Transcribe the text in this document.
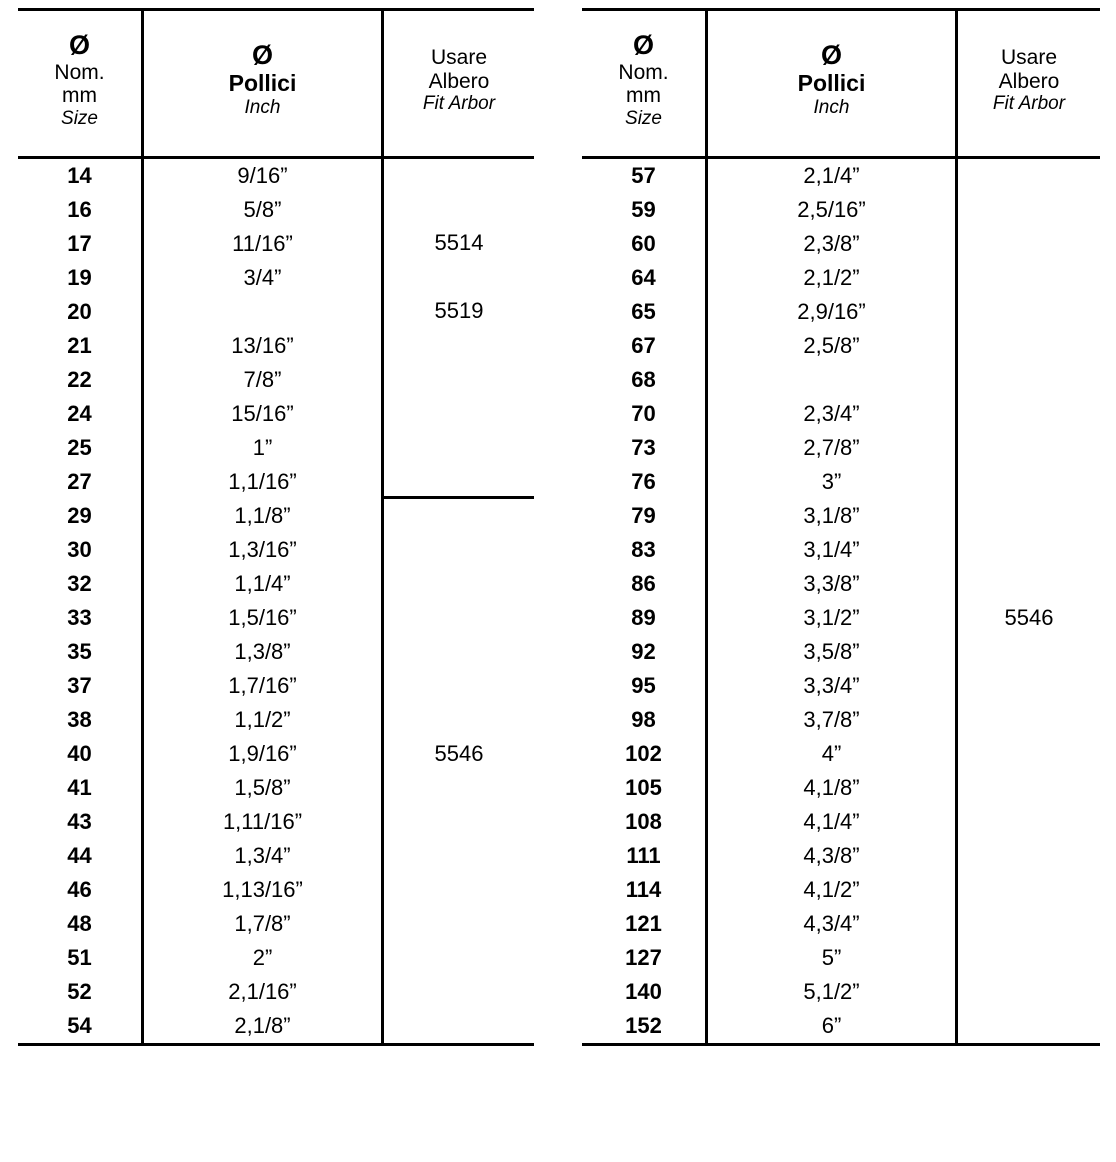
Ø
Nom.
mm
Size
Ø
Pollici
Inch
Usare
Albero
Fit Arbor
14
16
17
19
20
21
22
24
25
27
29
30
32
33
35
37
38
40
41
43
44
46
48
51
52
54
9/16”
5/8”
11/16”
3/4”

13/16”
7/8”
15/16”
1”
1,1/16”
1,1/8”
1,3/16”
1,1/4”
1,5/16”
1,3/8”
1,7/16”
1,1/2”
1,9/16”
1,5/8”
1,11/16”
1,3/4”
1,13/16”
1,7/8”
2”
2,1/16”
2,1/8”

5514

5519

5546

Ø
Nom.
mm
Size
Ø
Pollici
Inch
Usare
Albero
Fit Arbor
57
59
60
64
65
67
68
70
73
76
79
83
86
89
92
95
98
102
105
108
111
114
121
127
140
152
2,1/4”
2,5/16”
2,3/8”
2,1/2”
2,9/16”
2,5/8”

2,3/4”
2,7/8”
3”
3,1/8”
3,1/4”
3,3/8”
3,1/2”
3,5/8”
3,3/4”
3,7/8”
4”
4,1/8”
4,1/4”
4,3/8”
4,1/2”
4,3/4”
5”
5,1/2”
6”

5546
